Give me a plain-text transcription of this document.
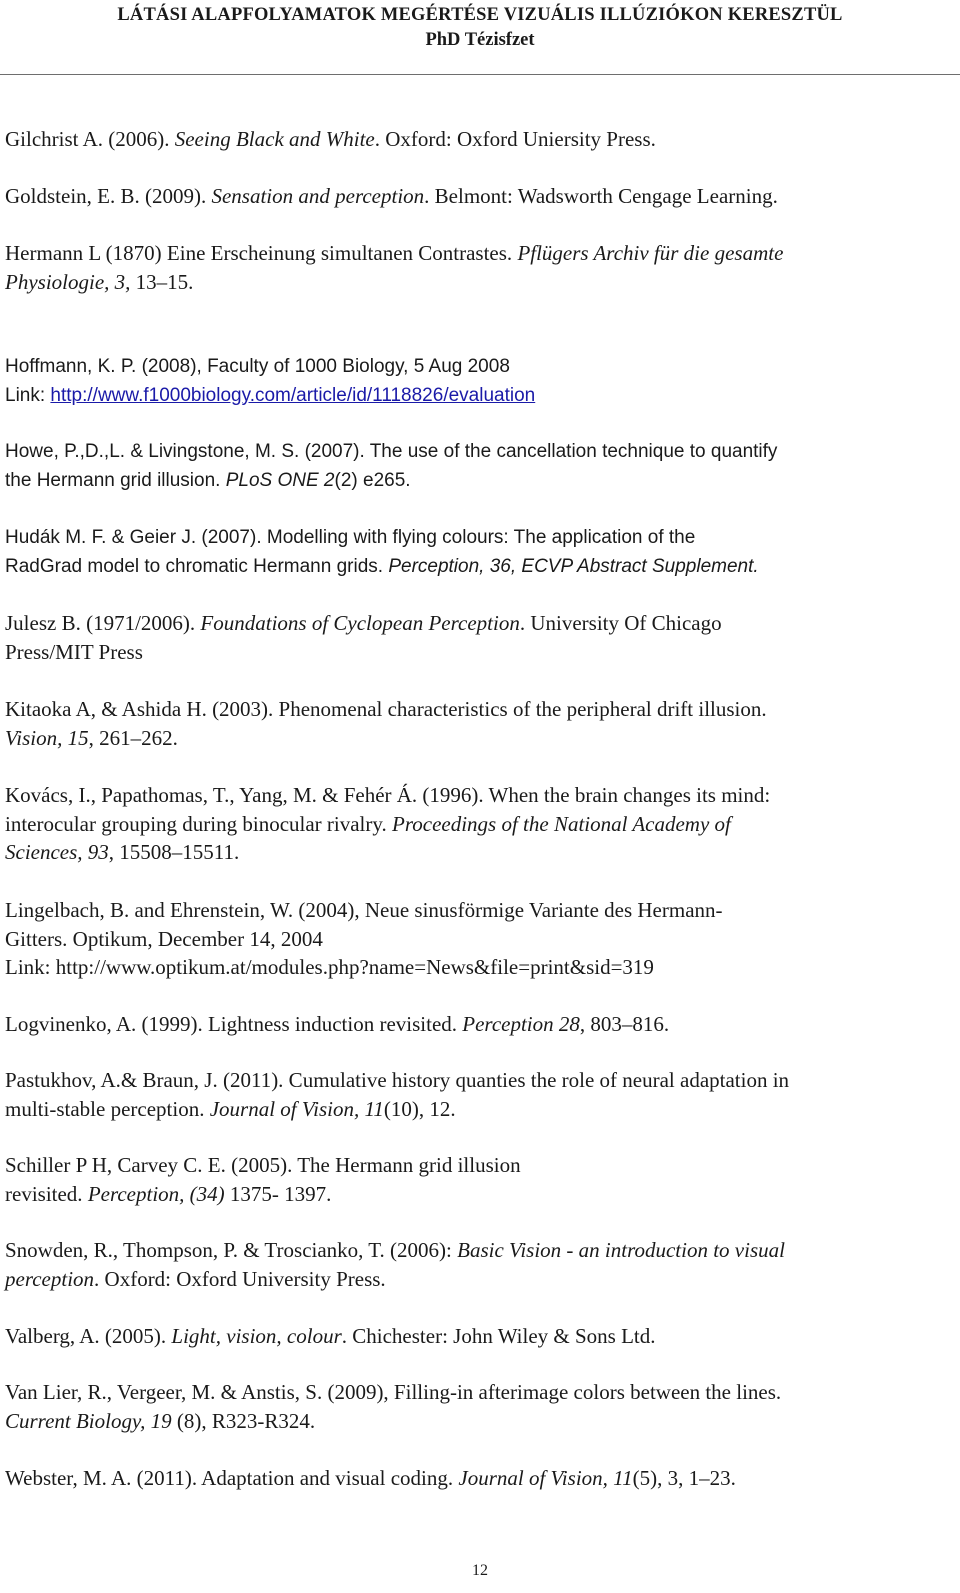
LÁTÁSI ALAPFOLYAMATOK MEGÉRTÉSE VIZUÁLIS ILLÚZIÓKON KERESZTÜL
PhD Tézisfzet
Gilchrist A. (2006). Seeing Black and White. Oxford: Oxford Uniersity Press.
Goldstein, E. B. (2009). Sensation and perception. Belmont: Wadsworth Cengage Learning.
Hermann L (1870) Eine Erscheinung simultanen Contrastes. Pflügers Archiv für die gesamte
Physiologie, 3, 13–15.
Hoffmann, K. P. (2008), Faculty of 1000 Biology, 5 Aug 2008
Link: http://www.f1000biology.com/article/id/1118826/evaluation
Howe, P.,D.,L. & Livingstone, M. S. (2007). The use of the cancellation technique to quantify
the Hermann grid illusion. PLoS ONE 2(2) e265.
Hudák M. F. & Geier J. (2007). Modelling with flying colours: The application of the
RadGrad model to chromatic Hermann grids. Perception, 36, ECVP Abstract Supplement.
Julesz B. (1971/2006). Foundations of Cyclopean Perception. University Of Chicago
Press/MIT Press
Kitaoka A, & Ashida H. (2003). Phenomenal characteristics of the peripheral drift illusion.
Vision, 15, 261–262.
Kovács, I., Papathomas, T., Yang, M. & Fehér Á. (1996). When the brain changes its mind:
interocular grouping during binocular rivalry. Proceedings of the National Academy of
Sciences, 93, 15508–15511.
Lingelbach, B. and Ehrenstein, W. (2004), Neue sinusförmige Variante des Hermann-
Gitters. Optikum, December 14, 2004
Link: http://www.optikum.at/modules.php?name=News&file=print&sid=319
Logvinenko, A. (1999). Lightness induction revisited. Perception 28, 803–816.
Pastukhov, A.& Braun, J. (2011). Cumulative history quanties the role of neural adaptation in
multi-stable perception. Journal of Vision, 11(10), 12.
Schiller P H, Carvey C. E. (2005). The Hermann grid illusion
revisited. Perception, (34) 1375- 1397.
Snowden, R., Thompson, P. & Troscianko, T. (2006): Basic Vision - an introduction to visual
perception. Oxford: Oxford University Press.
Valberg, A. (2005). Light, vision, colour. Chichester: John Wiley & Sons Ltd.
Van Lier, R., Vergeer, M. & Anstis, S. (2009), Filling-in afterimage colors between the lines.
Current Biology, 19 (8), R323-R324.
Webster, M. A. (2011). Adaptation and visual coding. Journal of Vision, 11(5), 3, 1–23.
12
